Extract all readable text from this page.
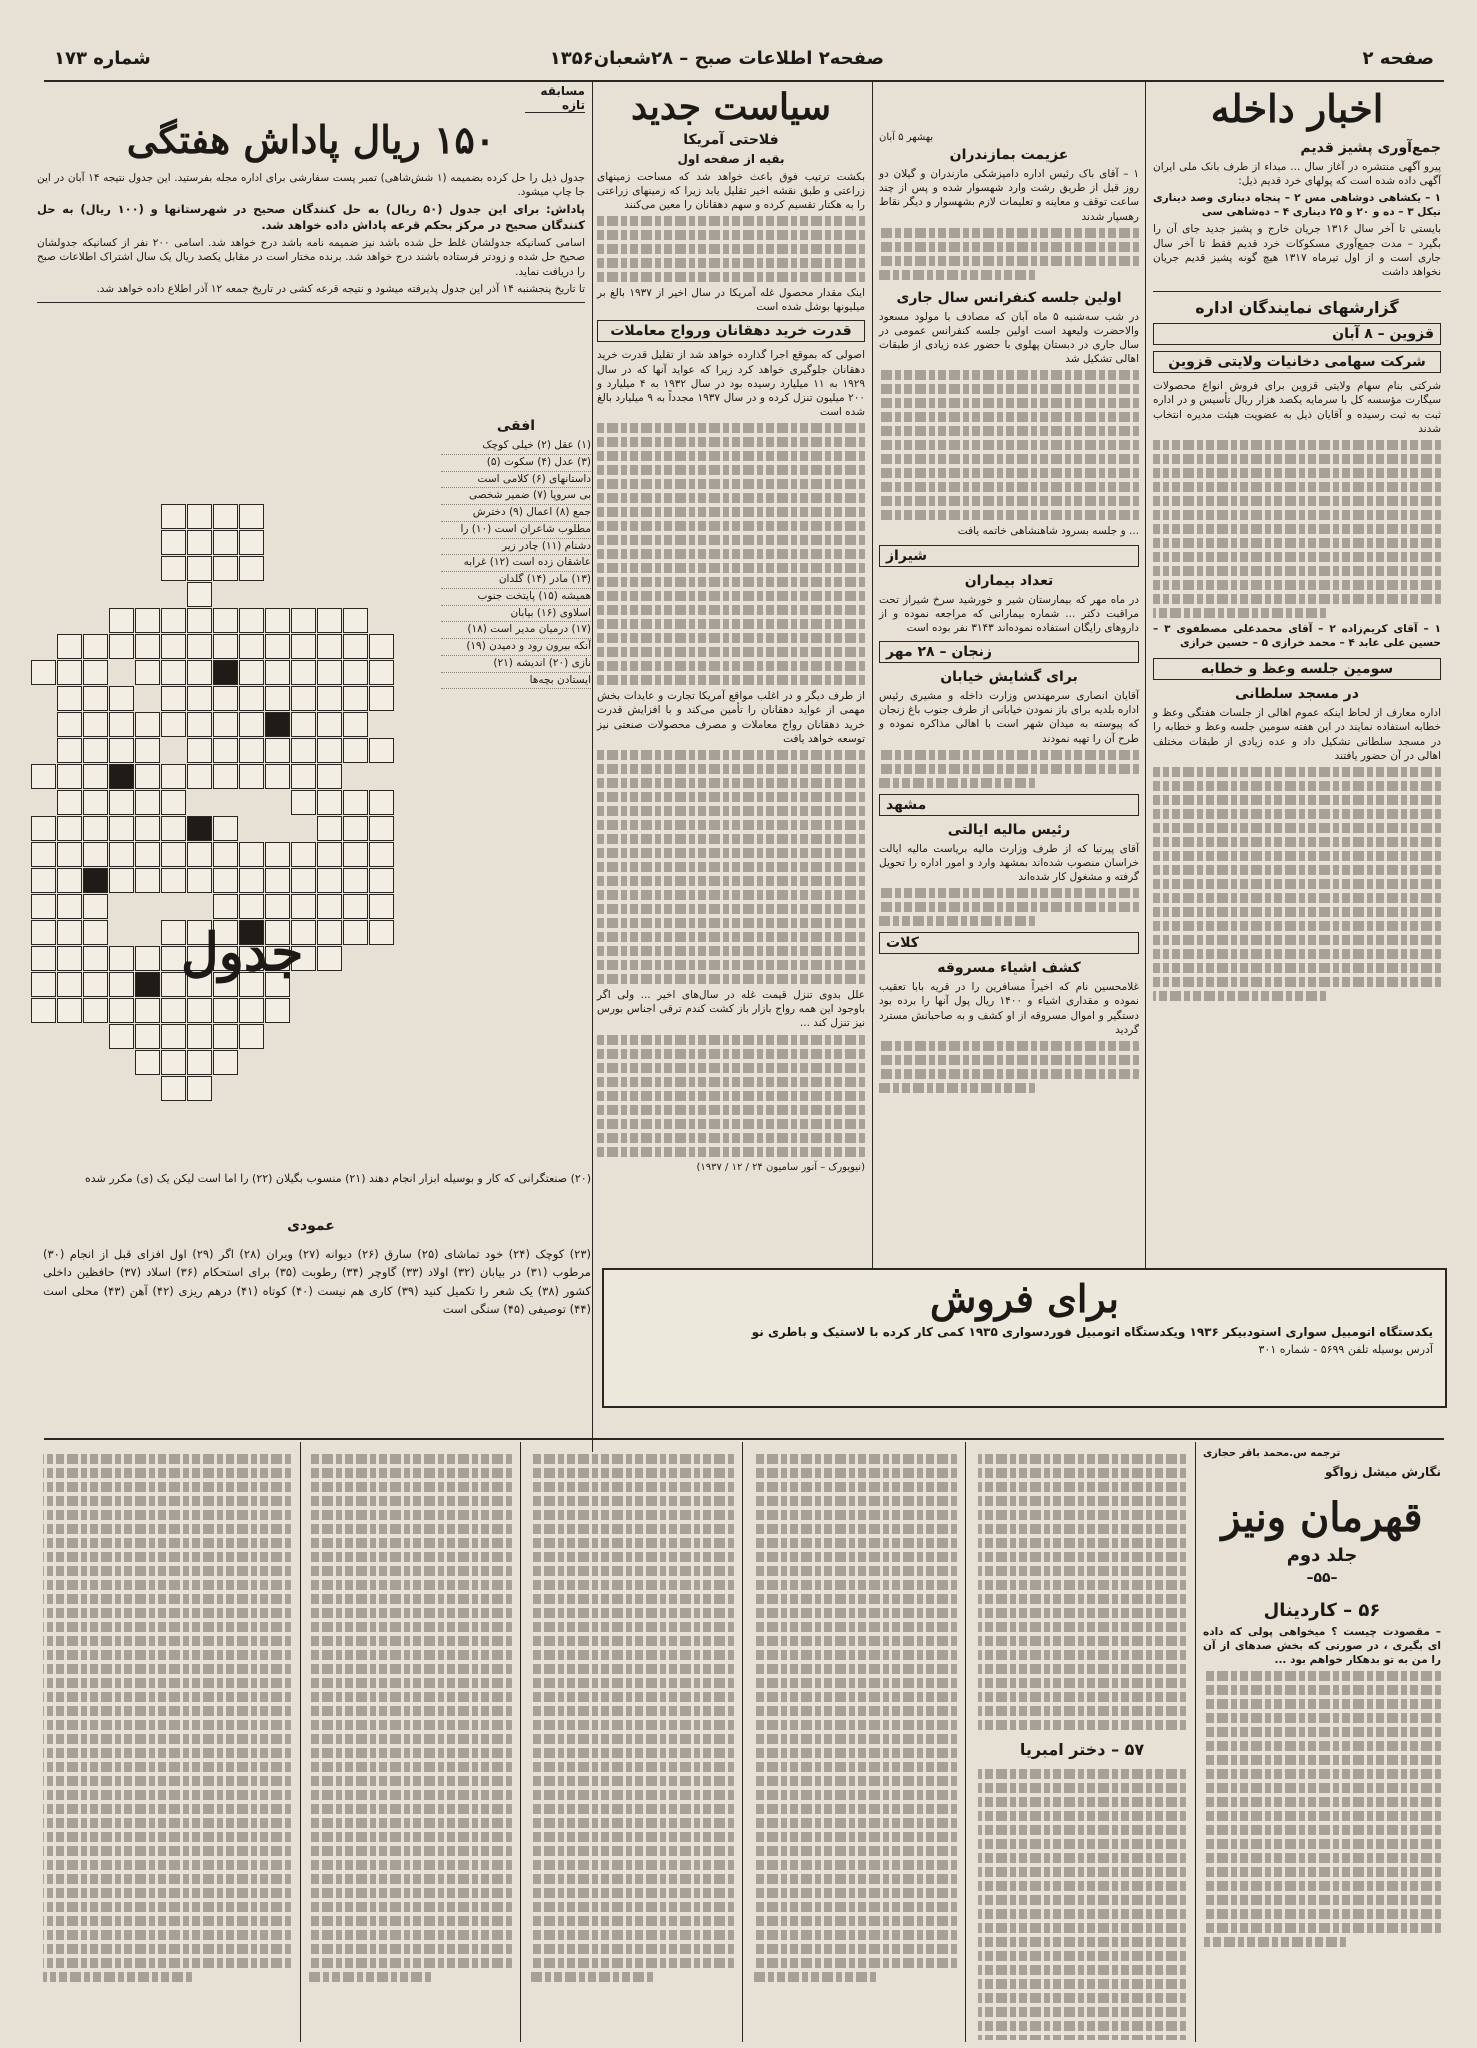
صفحه ۲
صفحه۲ اطلاعات صبح – ۲۸شعبان۱۳۵۶
شماره ۱۷۳
اخبار داخله
جمع‌آوری پشیز قدیم
پیرو آگهی منتشره در آغاز سال ... مبداء از طرف بانک ملی ایران آگهی داده شده است که پولهای خرد قدیم ذیل:
۱ – یکشاهی دوشاهی مس ۲ – پنجاه دیناری وصد دیناری نیکل ۳ – ده و ۲۰ و ۲۵ دیناری ۴ – ده‌شاهی سی
بایستی تا آخر سال ۱۳۱۶ جریان خارج و پشیز جدید جای آن را بگیرد – مدت جمع‌آوری مسکوکات خرد قدیم فقط تا آخر سال جاری است و از اول تیرماه ۱۳۱۷ هیچ گونه پشیز قدیم جریان نخواهد داشت
گزارشهای نمایندگان اداره
قزوین – ۸ آبان
شرکت سهامی دخانیات ولایتی قزوین
شرکتی بنام سهام ولایتی قزوین برای فروش انواع محصولات سیگارت مؤسسه کل با سرمایه یکصد هزار ریال تأسیس و در اداره ثبت به ثبت رسیده و آقایان ذیل به عضویت هیئت مدیره انتخاب شدند
۱ – آقای کریم‌زاده ۲ – آقای محمدعلی مصطفوی ۳ – حسین علی عابد ۴ – محمد خرازی ۵ – حسین خرازی
سومین جلسه وعظ و خطابه
در مسجد سلطانی
اداره معارف از لحاظ اینکه عموم اهالی از جلسات هفتگی وعظ و خطابه استفاده نمایند در این هفته سومین جلسه وعظ و خطابه را در مسجد سلطانی تشکیل داد و عده زیادی از طبقات مختلف اهالی در آن حضور یافتند
بهشهر ۵ آبان
عزیمت بمازندران
۱ – آقای باک رئیس اداره دامپزشکی مازندران و گیلان دو روز قبل از طریق رشت وارد شهسوار شده و پس از چند ساعت توقف و معاینه و تعلیمات لازم بشهسوار و دیگر نقاط رهسپار شدند
اولین جلسه کنفرانس سال جاری
در شب سه‌شنبه ۵ ماه آبان که مصادف با مولود مسعود والاحضرت ولیعهد است اولین جلسه کنفرانس عمومی در سال جاری در دبستان پهلوی با حضور عده زیادی از طبقات اهالی تشکیل شد
... و جلسه بسرود شاهنشاهی خاتمه یافت
شیراز
تعداد بیماران
در ماه مهر که بیمارستان شیر و خورشید سرخ شیراز تحت مراقبت دکتر ... شماره بیمارانی که مراجعه نموده و از داروهای رایگان استفاده نموده‌اند ۳۱۴۳ نفر بوده است
زنجان – ۲۸ مهر
برای گشایش خیابان
آقایان انصاری سرمهندس وزارت داخله و مشیری رئیس اداره بلدیه برای باز نمودن خیابانی از طرف جنوب باغ زنجان که پیوسته به میدان شهر است با اهالی مذاکره نموده و طرح آن را تهیه نمودند
مشهد
رئیس مالیه ایالتی
آقای پیرنیا که از طرف وزارت مالیه بریاست مالیه ایالت خراسان منصوب شده‌اند بمشهد وارد و امور اداره را تحویل گرفته و مشغول کار شده‌اند
کلات
کشف اشیاء مسروقه
غلامحسین نام که اخیراً مسافرین را در قریه بابا تعقیب نموده و مقداری اشیاء و ۱۴۰۰ ریال پول آنها را برده بود دستگیر و اموال مسروقه از او کشف و به صاحبانش مسترد گردید
سیاست جدید
فلاحتی آمریکا
بقیه از صفحه اول
بکشت ترتیب فوق باعث خواهد شد که مساحت زمینهای زراعتی و طبق نقشه اخیر تقلیل یابد زیرا که زمینهای زراعتی را به هکتار تقسیم کرده و سهم دهقانان را معین می‌کنند
اینک مقدار محصول غله آمریکا در سال اخیر از ۱۹۳۷ بالغ بر میلیونها بوشل شده است
قدرت خرید دهقانان ورواج معاملات
اصولی که بموقع اجرا گذارده خواهد شد از تقلیل قدرت خرید دهقانان جلوگیری خواهد کرد زیرا که عواید آنها که در سال ۱۹۲۹ به ۱۱ میلیارد رسیده بود در سال ۱۹۳۲ به ۴ میلیارد و ۲۰۰ میلیون تنزل کرده و در سال ۱۹۳۷ مجدداً به ۹ میلیارد بالغ شده است
از طرف دیگر و در اغلب مواقع آمریکا تجارت و عایدات بخش مهمی از عواید دهقانان را تأمین می‌کند و با افزایش قدرت خرید دهقانان رواج معاملات و مصرف محصولات صنعتی نیز توسعه خواهد یافت
علل بدوی تنزل قیمت غله در سال‌های اخیر ... ولی اگر باوجود این همه رواج بازار باز کشت کندم ترقی اجناس بورس نیز تنزل کند ...
(نیویورک – آنور سامیون ۲۴ / ۱۲ / ۱۹۳۷)
مسابقه تازه
۱۵۰ ریال پاداش هفتگی
جدول ذیل را حل کرده بضمیمه (۱ شش‌شاهی) تمبر پست سفارشی برای اداره مجله بفرستید. این جدول نتیجه ۱۴ آبان در این جا چاپ میشود.
پاداش: برای این جدول (۵۰ ریال) به حل کنندگان صحیح در شهرستانها و (۱۰۰ ریال) به حل کنندگان صحیح در مرکز بحکم قرعه پاداش داده خواهد شد.
اسامی کسانیکه جدولشان غلط حل شده باشد نیز ضمیمه نامه باشد درج خواهد شد. اسامی ۲۰۰ نفر از کسانیکه جدولشان صحیح حل شده و زودتر فرستاده باشند درج خواهد شد. برنده مختار است در مقابل یکصد ریال یک سال اشتراک اطلاعات صبح را دریافت نماید.
تا تاریخ پنجشنبه ۱۴ آذر این جدول پذیرفته میشود و نتیجه قرعه کشی در تاریخ جمعه ۱۲ آذر اطلاع داده خواهد شد.
افقی
(۱) عقل (۲) خیلی کوچک
(۳) عدل (۴) سکوت (۵)
داستانهای (۶) کلامی است
بی سروپا (۷) ضمیر شخصی
جمع (۸) اعمال (۹) دخترش
مطلوب شاعران است (۱۰) را
دشنام (۱۱) چادر زیر
عاشقان زده است (۱۲) غرابه
(۱۳) مادر (۱۴) گلدان
همیشه (۱۵) پایتخت جنوب
اسلاوی (۱۶) بیابان
(۱۷) درمیان مدیر است (۱۸)
آنکه بیرون رود و دمیدن (۱۹)
نازی (۲۰) اندیشه (۲۱)
ایستادن بچه‌ها
جدول
(۲۰) صنعتگرانی که کار و بوسیله ابزار انجام دهند (۲۱) منسوب بگیلان (۲۲) را اما است لیکن یک (ی) مکرر شده
عمودی
(۲۳) کوچک (۲۴) خود تماشای (۲۵) سارق (۲۶) دیوانه (۲۷) ویران (۲۸) اگر (۲۹) اول افزای قبل از انجام (۳۰) مرطوب (۳۱) در بیابان (۳۲) اولاد (۳۳) گاوچر (۳۴) رطوبت (۳۵) برای استحکام (۳۶) اسلاد (۳۷) حافظین داخلی کشور (۳۸) یک شعر را تکمیل کنید (۳۹) کاری هم نیست (۴۰) کوتاه (۴۱) درهم ریزی (۴۲) آهن (۴۳) محلی است (۴۴) توصیفی (۴۵) سنگی است	برای فروش
یکدستگاه اتومبیل سواری استودبیکر ۱۹۳۶ ویکدستگاه اتومبیل فوردسواری ۱۹۳۵ کمی کار کرده با لاستیک و باطری نو
آدرس بوسیله تلفن ۵۶۹۹ - شماره ۳۰۱
ترجمه س.محمد باقر حجازی
نگارش میشل زواگو
قهرمان ونیز
جلد دوم
–۵۵–
۵۶ – کاردینال
– مقصودت چیست ؟ میخواهی پولی که داده ای بگیری ، در صورتی که بخش صدهای از آن را من به تو بدهکار خواهم بود ...
۵۷ – دختر امبریا
